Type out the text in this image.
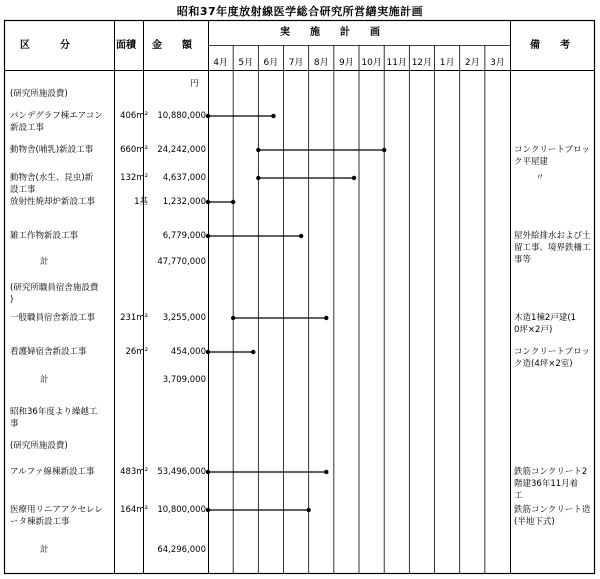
昭和37年度放射線医学総合研究所営繕実施計画
区　　　分	面積 金　　額
実　　施　　計　　画
備　　考
円
4月	5月	6月	7月	8月	9月 10月 11月 12月 1月	2月	3月
(研究所施設費)
パンデグラフ棟エアコン
新設工事
406m²	10,880,000
動物舎(哺乳)新設工事	660m²	24,242,000	コンクリートブロッ
ク平屋建
動物舎(水生、昆虫)新
設工事
132m²	4,637,000	〃
放射性焼却炉新設工事	1基	1,232,000
雑工作物新設工事	6,779,000	屋外給排水および土
留工事、境界鉄柵工
事等
計	47,770,000
(研究所職員宿舎施設費
)
一般職員宿舎新設工事	231m²	3,255,000	木造1棟2戸建(1
0坪×2戸)
看護婦宿舎新設工事	26m²	454,000	コンクリートブロッ
ク造(4坪×2室)
計	3,709,000
昭和36年度より繰越工
事
(研究所施設費)
アルファ線棟新設工事	483m²	53,496,000	鉄筋コンクリート2
階建36年11月着
工
医療用リニアアクセレレ
ータ棟新設工事
164m²	10,800,000	鉄筋コンクリート造
(半地下式)
計	64,296,000
